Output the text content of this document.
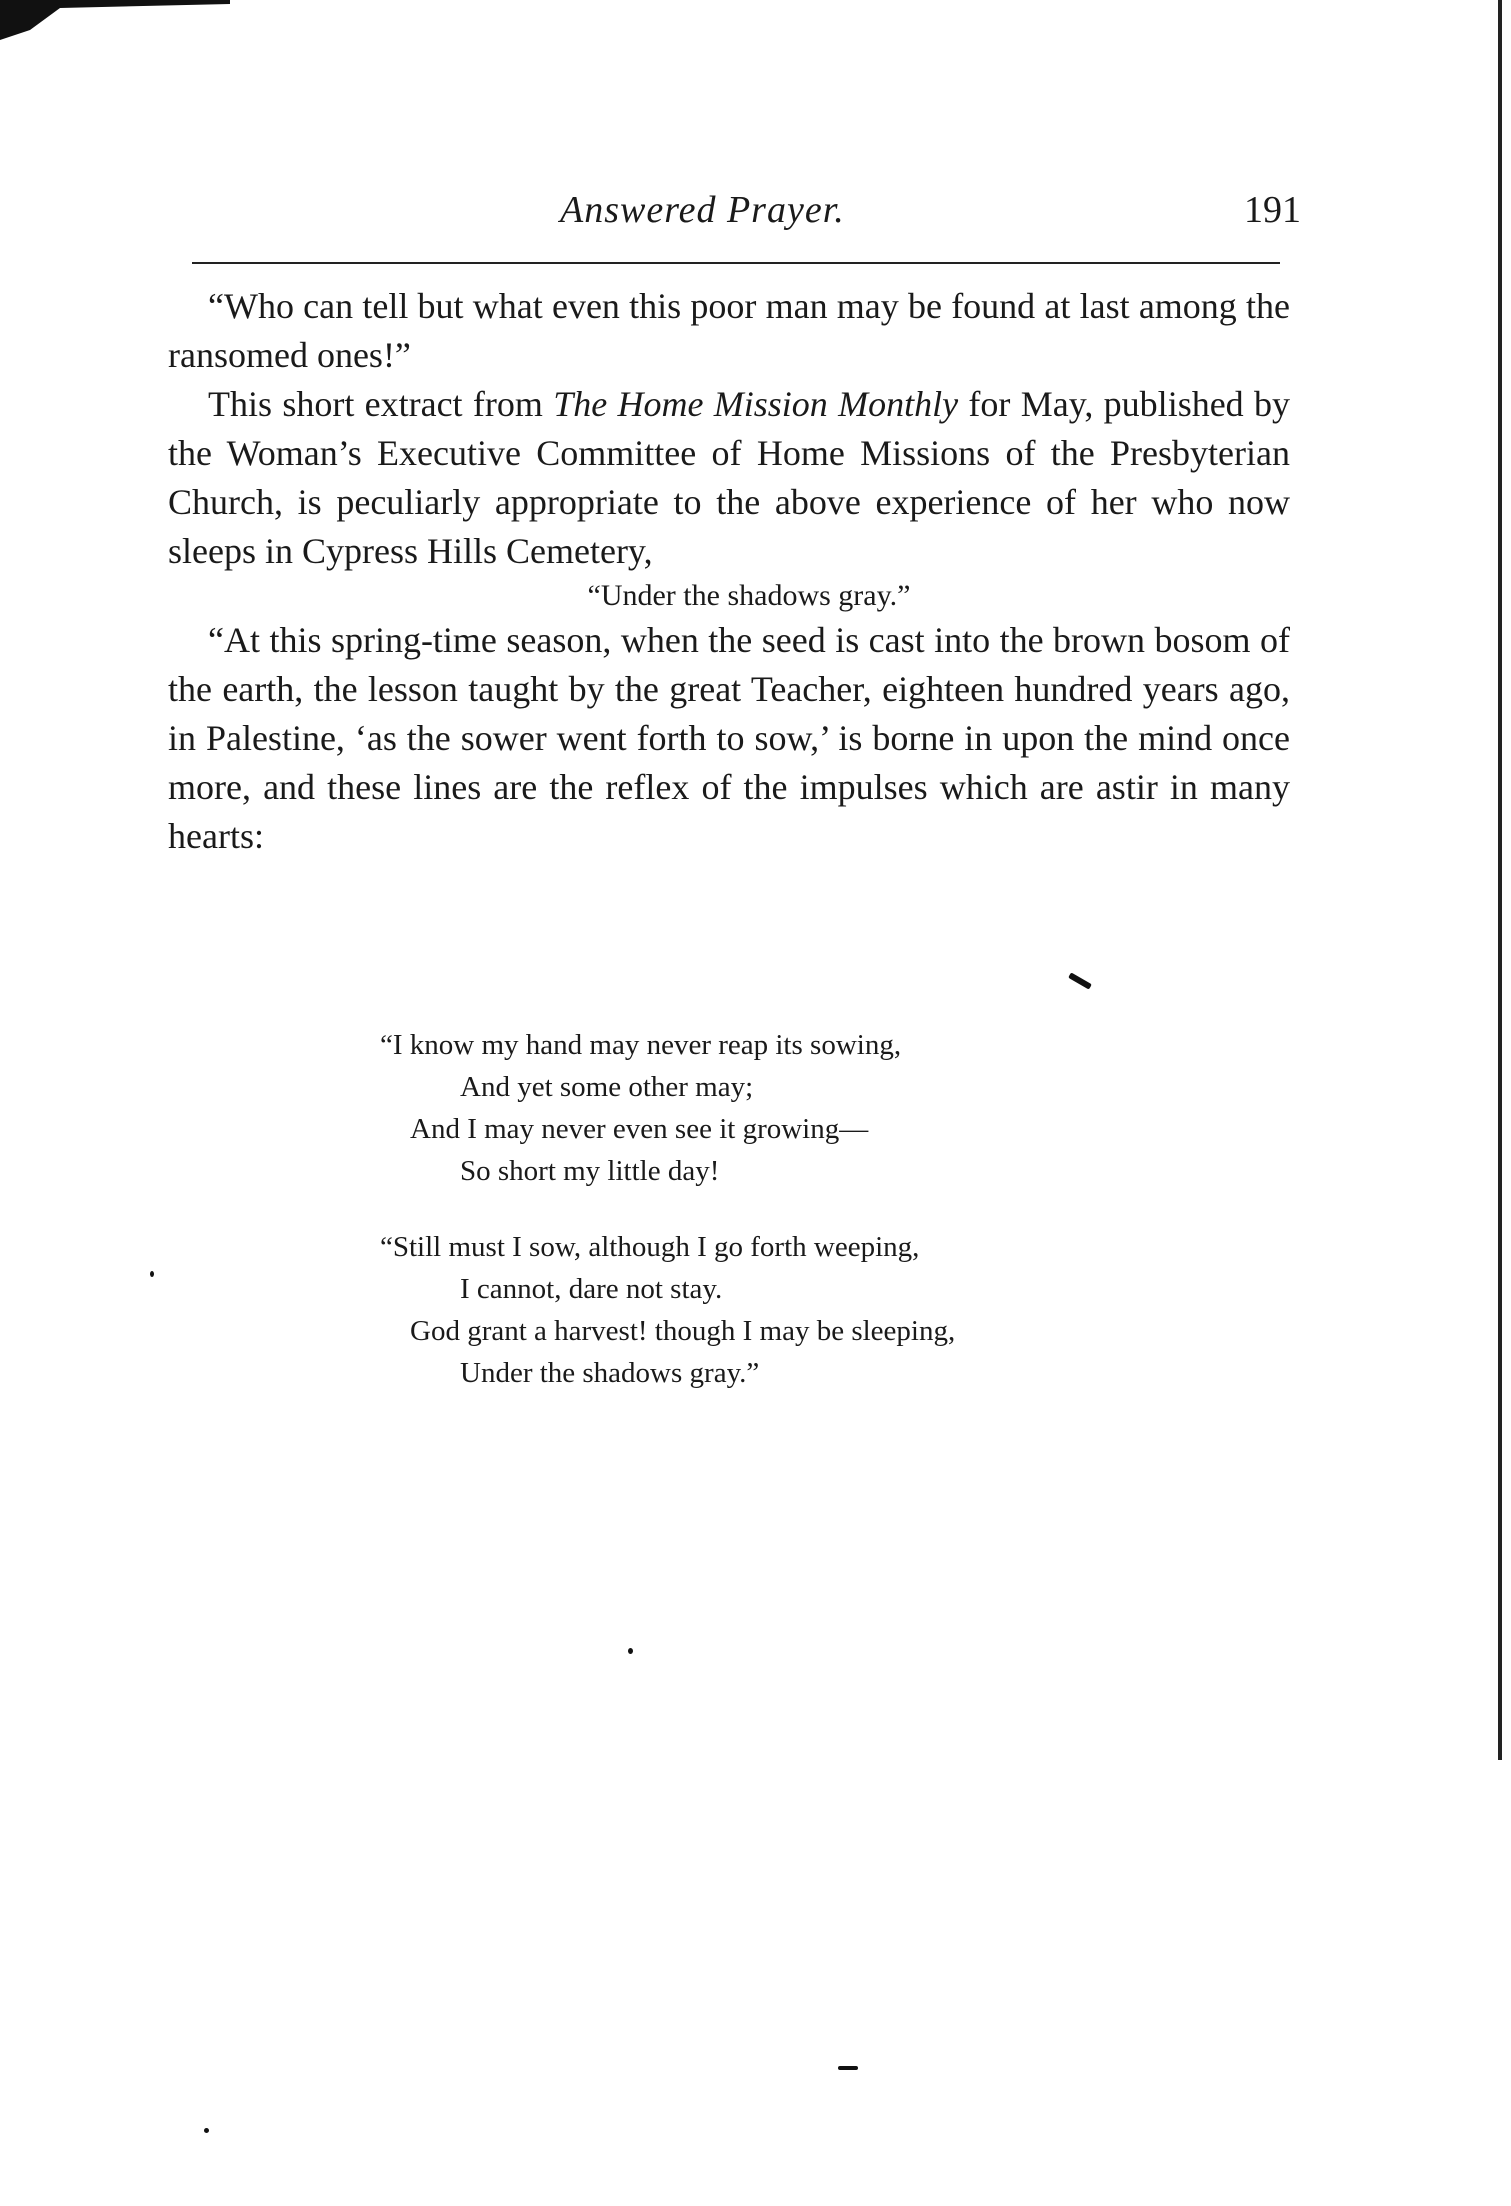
Answered Prayer.	191

“Who can tell but what even this poor man may be found at last among the ransomed ones!”

This short extract from The Home Mission Monthly for May, published by the Woman’s Executive Committee of Home Missions of the Presbyterian Church, is peculiarly appropriate to the above experience of her who now sleeps in Cypress Hills Cemetery,

“Under the shadows gray.”

“At this spring-time season, when the seed is cast into the brown bosom of the earth, the lesson taught by the great Teacher, eighteen hundred years ago, in Palestine, ‘as the sower went forth to sow,’ is borne in upon the mind once more, and these lines are the reflex of the impulses which are astir in many hearts:

“I know my hand may never reap its sowing,
And yet some other may;
And I may never even see it growing—
So short my little day!
“Still must I sow, although I go forth weeping,
I cannot, dare not stay.
God grant a harvest! though I may be sleeping,
Under the shadows gray.”
